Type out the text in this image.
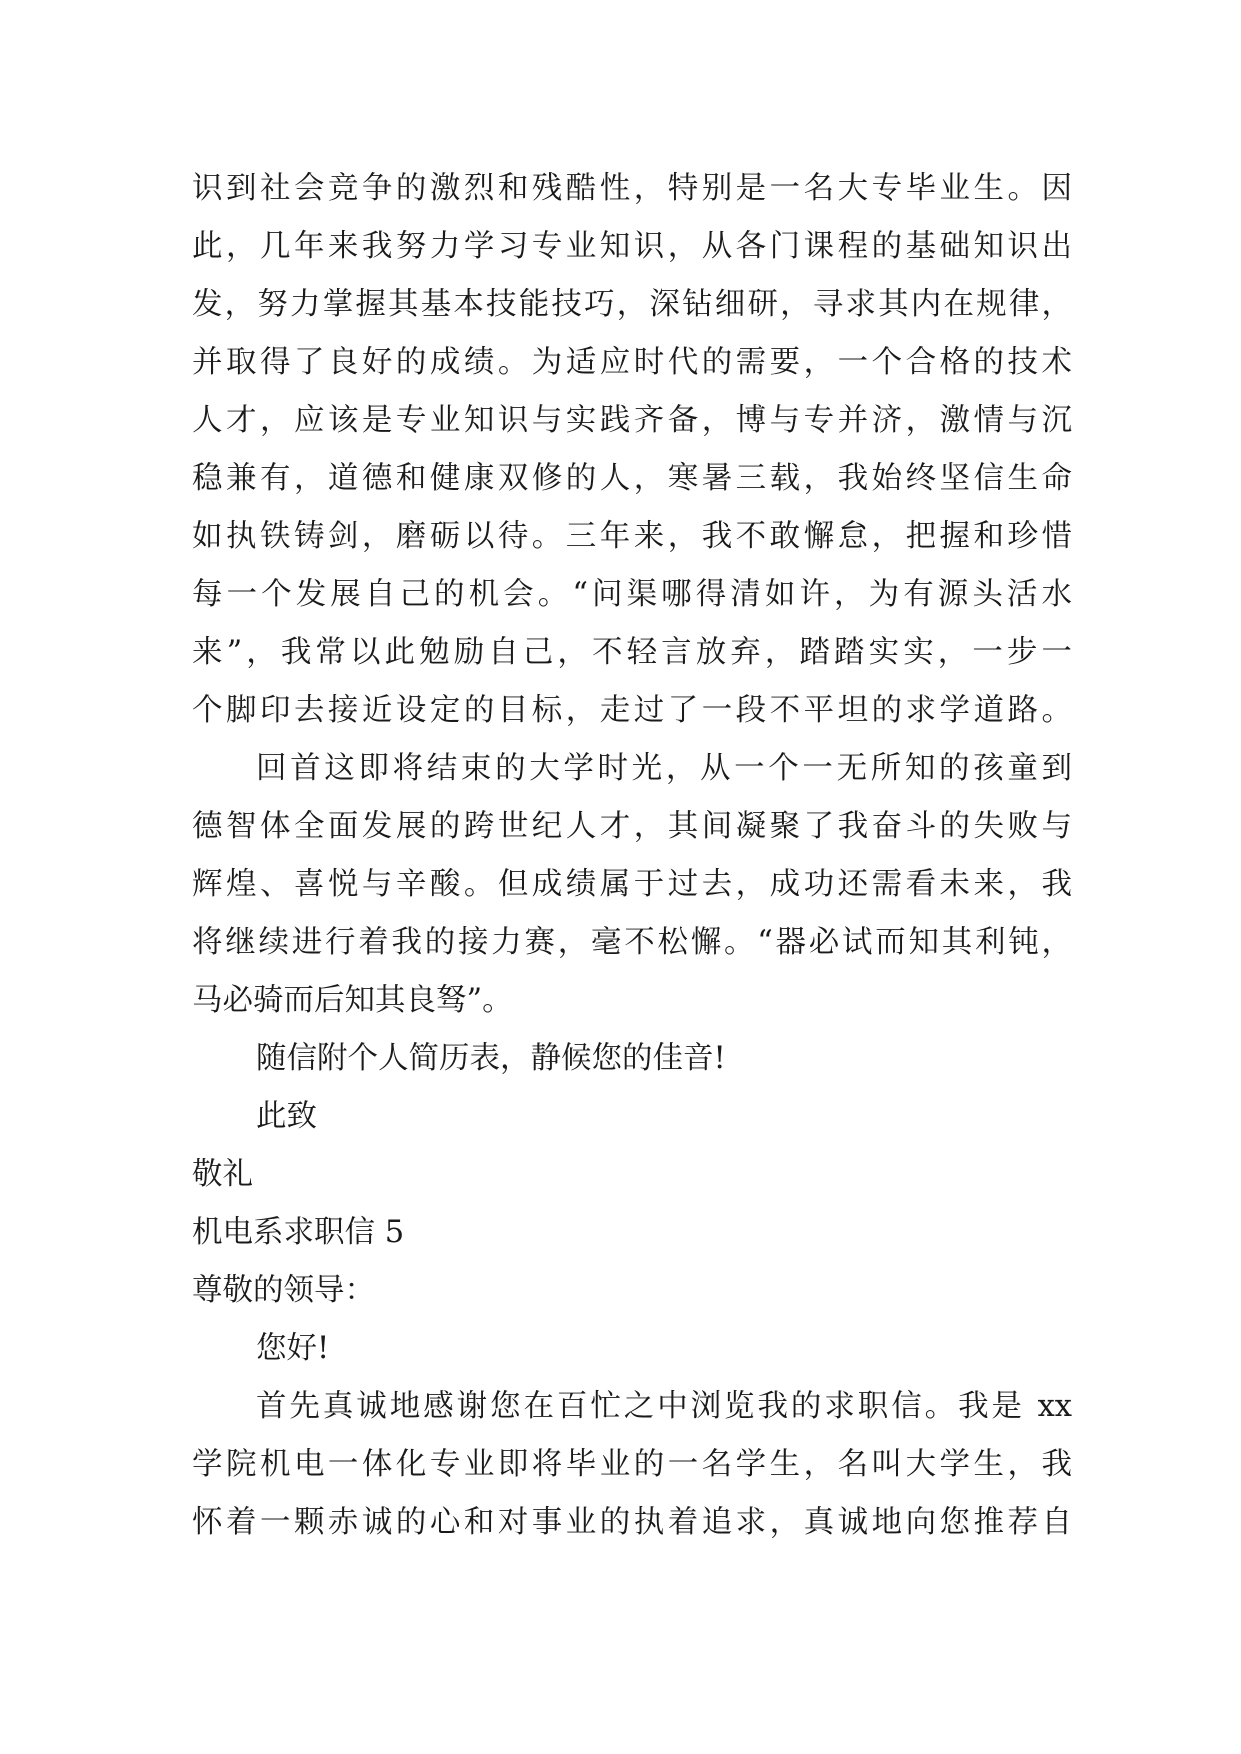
识到社会竞争的激烈和残酷性，特别是一名大专毕业生。因
此，几年来我努力学习专业知识，从各门课程的基础知识出
发，努力掌握其基本技能技巧，深钻细研，寻求其内在规律，
并取得了良好的成绩。为适应时代的需要，一个合格的技术
人才，应该是专业知识与实践齐备，博与专并济，激情与沉
稳兼有，道德和健康双修的人，寒暑三载，我始终坚信生命
如执铁铸剑，磨砺以待。三年来，我不敢懈怠，把握和珍惜
每一个发展自己的机会。“问渠哪得清如许，为有源头活水
来”，我常以此勉励自己，不轻言放弃，踏踏实实，一步一
个脚印去接近设定的目标，走过了一段不平坦的求学道路。
回首这即将结束的大学时光，从一个一无所知的孩童到
德智体全面发展的跨世纪人才，其间凝聚了我奋斗的失败与
辉煌、喜悦与辛酸。但成绩属于过去，成功还需看未来，我
将继续进行着我的接力赛，毫不松懈。“器必试而知其利钝，
马必骑而后知其良驽”。
随信附个人简历表，静候您的佳音!
此致
敬礼
机电系求职信 5
尊敬的领导：
您好!
首先真诚地感谢您在百忙之中浏览我的求职信。我是 xx
学院机电一体化专业即将毕业的一名学生，名叫大学生，我
怀着一颗赤诚的心和对事业的执着追求，真诚地向您推荐自
